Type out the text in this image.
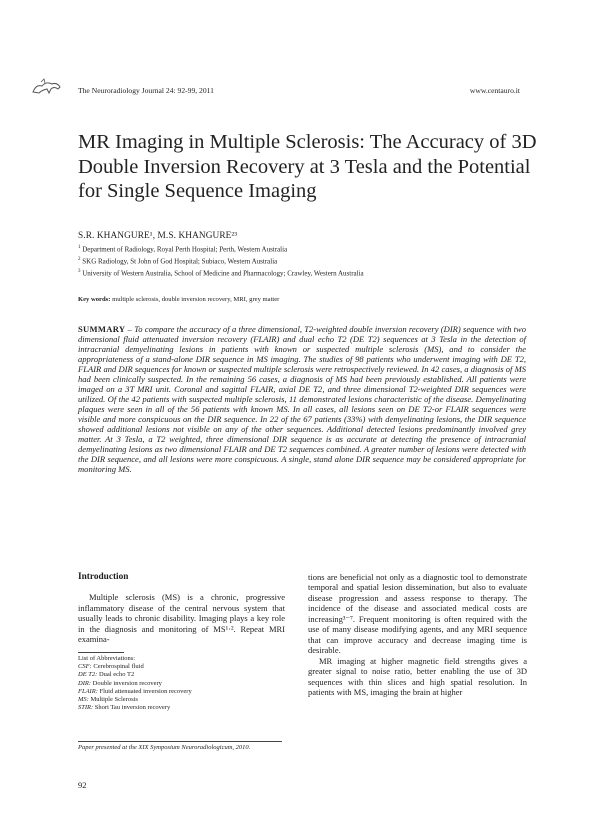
The Neuroradiology Journal 24: 92-99, 2011	www.centauro.it
MR Imaging in Multiple Sclerosis: The Accuracy of 3D Double Inversion Recovery at 3 Tesla and the Potential for Single Sequence Imaging
S.R. KHANGURE¹, M.S. KHANGURE²³
$^1$ Department of Radiology, Royal Perth Hospital; Perth, Western Australia
$^2$ SKG Radiology, St John of God Hospital; Subiaco, Western Australia
$^3$ University of Western Australia, School of Medicine and Pharmacology; Crawley, Western Australia
Key words: multiple sclerosis, double inversion recovery, MRI, grey matter

SUMMARY – To compare the accuracy of a three dimensional, T2-weighted double inversion recovery (DIR) sequence with two dimensional fluid attenuated inversion recovery (FLAIR) and dual echo T2 (DE T2) sequences at 3 Tesla in the detection of intracranial demyelinating lesions in patients with known or suspected multiple sclerosis (MS), and to consider the appropriateness of a stand-alone DIR sequence in MS imaging. The studies of 98 patients who underwent imaging with DE T2, FLAIR and DIR sequences for known or suspected multiple sclerosis were retrospectively reviewed. In 42 cases, a diagnosis of MS had been clinically suspected. In the remaining 56 cases, a diagnosis of MS had been previously established. All patients were imaged on a 3T MRI unit. Coronal and sagittal FLAIR, axial DE T2, and three dimensional T2-weighted DIR sequences were utilized. Of the 42 patients with suspected multiple sclerosis, 11 demonstrated lesions characteristic of the disease. Demyelinating plaques were seen in all of the 56 patients with known MS. In all cases, all lesions seen on DE T2-or FLAIR sequences were visible and more conspicuous on the DIR sequence. In 22 of the 67 patients (33%) with demyelinating lesions, the DIR sequence showed additional lesions not visible on any of the other sequences. Additional detected lesions predominantly involved grey matter. At 3 Tesla, a T2 weighted, three dimensional DIR sequence is as accurate at detecting the presence of intracranial demyelinating lesions as two dimensional FLAIR and DE T2 sequences combined. A greater number of lesions were detected with the DIR sequence, and all lesions were more conspicuous. A single, stand alone DIR sequence may be considered appropriate for monitoring MS.

Introduction

Multiple sclerosis (MS) is a chronic, progressive inflammatory disease of the central nervous system that usually leads to chronic disability. Imaging plays a key role in the diagnosis and monitoring of MS¹·². Repeat MRI examina-

List of Abbreviations:
CSF: Cerebrospinal fluid
DE T2: Dual echo T2
DIR: Double inversion recovery
FLAIR: Fluid attenuated inversion recovery
MS: Multiple Sclerosis
STIR: Short Tau inversion recovery
Paper presented at the XIX Symposium Neuroradiologicum, 2010.
92

tions are beneficial not only as a diagnostic tool to demonstrate temporal and spatial lesion dissemination, but also to evaluate disease progression and assess response to therapy. The incidence of the disease and associated medical costs are increasing³⁻⁷. Frequent monitoring is often required with the use of many disease modifying agents, and any MRI sequence that can improve accuracy and decrease imaging time is desirable.

MR imaging at higher magnetic field strengths gives a greater signal to noise ratio, better enabling the use of 3D sequences with thin slices and high spatial resolution. In patients with MS, imaging the brain at higher
